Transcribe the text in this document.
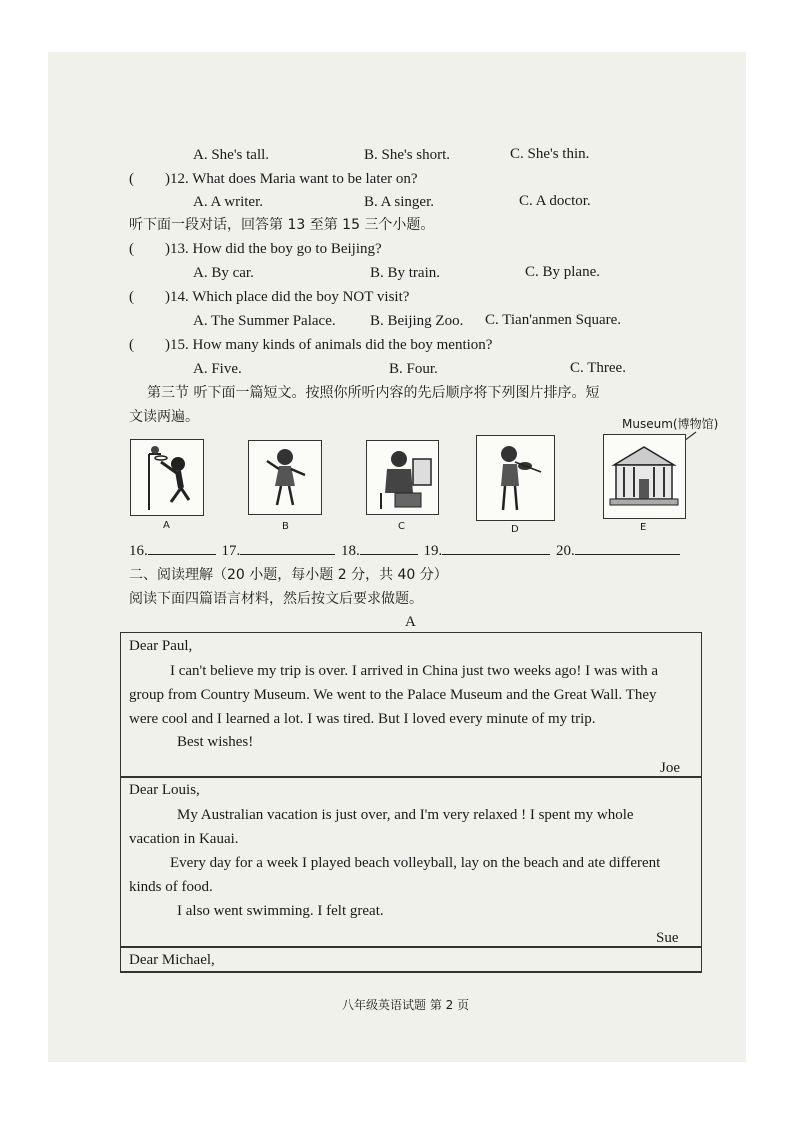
A. She's tall.	B. She's short.	C. She's thin.
( )12. What does Maria want to be later on?
A. A writer.	B. A singer.	C. A doctor.
听下面一段对话，回答第 13 至第 15 三个小题。
( )13. How did the boy go to Beijing?
A. By car.	B. By train.	C. By plane.
( )14. Which place did the boy NOT visit?
A. The Summer Palace. B. Beijing Zoo. C. Tian'anmen Square.
( )15. How many kinds of animals did the boy mention?
A. Five.	B. Four.	C. Three.
第三节 听下面一篇短文。按照你所听内容的先后顺序将下列图片排序。短
文读两遍。	Museum(博物馆)
A	B	C	D	E
16.	17.	18.	19.	20.
二、阅读理解（20 小题，每小题 2 分，共 40 分）
阅读下面四篇语言材料，然后按文后要求做题。
A
Dear Paul,
I can't believe my trip is over. I arrived in China just two weeks ago! I was with a
group from Country Museum. We went to the Palace Museum and the Great Wall. They
were cool and I learned a lot. I was tired. But I loved every minute of my trip.
Best wishes!
Joe
Dear Louis,
My Australian vacation is just over, and I'm very relaxed ! I spent my whole
vacation in Kauai.
Every day for a week I played beach volleyball, lay on the beach and ate different
kinds of food.
I also went swimming. I felt great.
Sue
Dear Michael,
八年级英语试题 第 2 页
